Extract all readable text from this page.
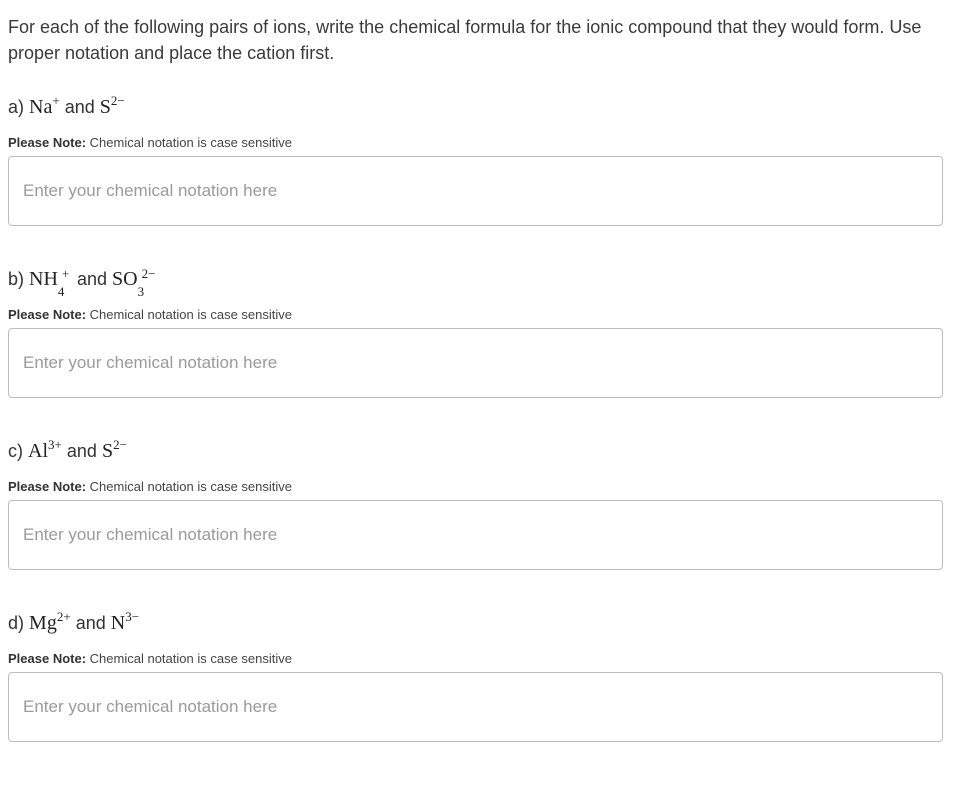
For each of the following pairs of ions, write the chemical formula for the ionic compound that they would form. Use proper notation and place the cation first.
a) Na+ and $S^{2-}$
Please Note: Chemical notation is case sensitive
Enter your chemical notation here
b) NH
4
+ and SO
3
2−
Please Note: Chemical notation is case sensitive
Enter your chemical notation here
c) $Al^{3+}$ and $S^{2-}$
Please Note: Chemical notation is case sensitive
Enter your chemical notation here
d) $Mg^{2+}$ and $N^{3-}$
Please Note: Chemical notation is case sensitive
Enter your chemical notation here
